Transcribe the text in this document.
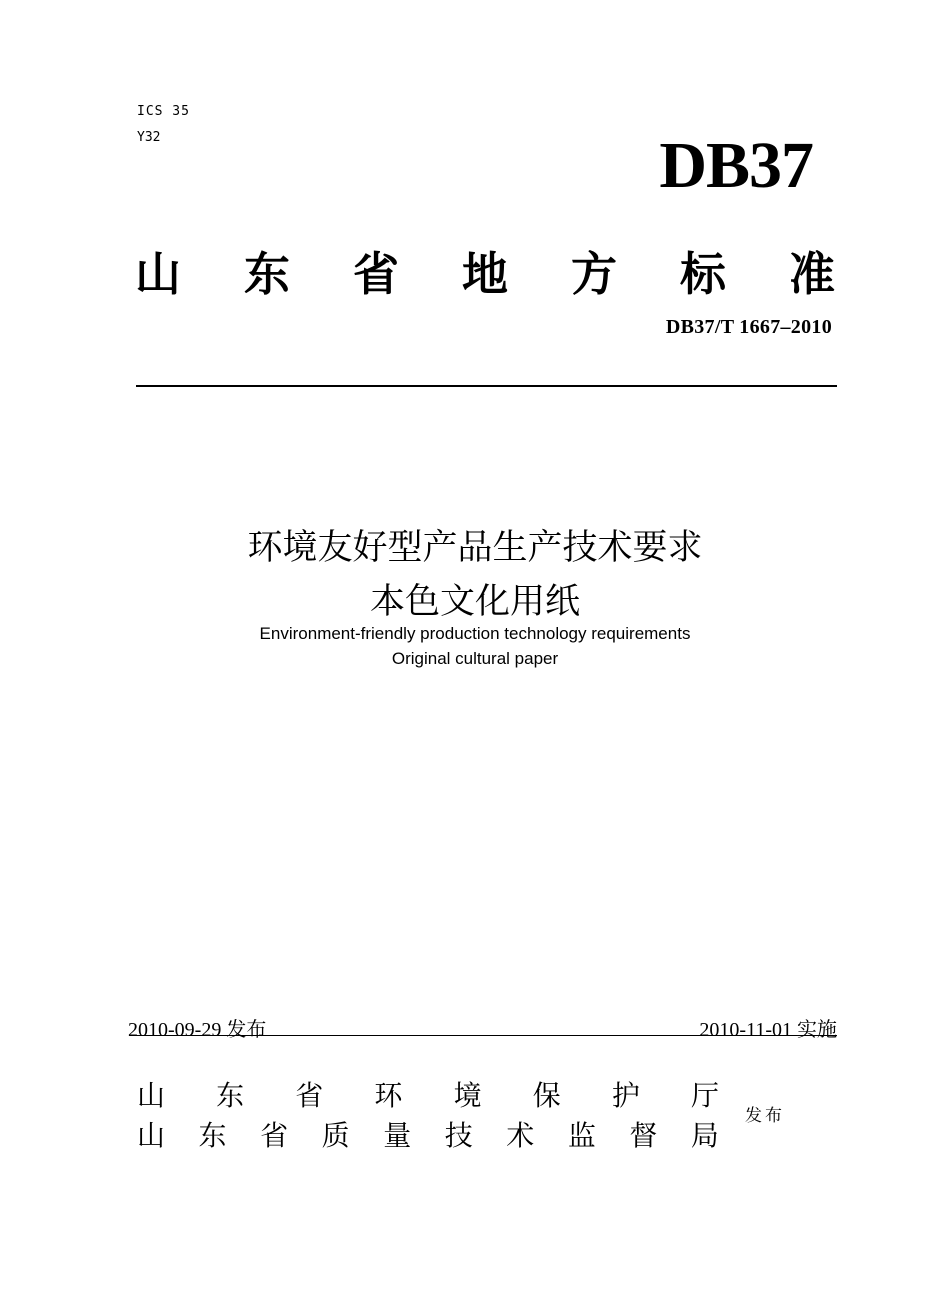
ICS 35
Y32	DB37
山 东 省 地 方 标 准
DB37/T 1667–2010
环境友好型产品生产技术要求
本色文化用纸
Environment-friendly production technology requirements
Original cultural paper
2010-09-29 发布	2010-11-01 实施
山 东 省 环 境 保 护 厅
山 东 省 质 量 技 术 监 督 局
发布
